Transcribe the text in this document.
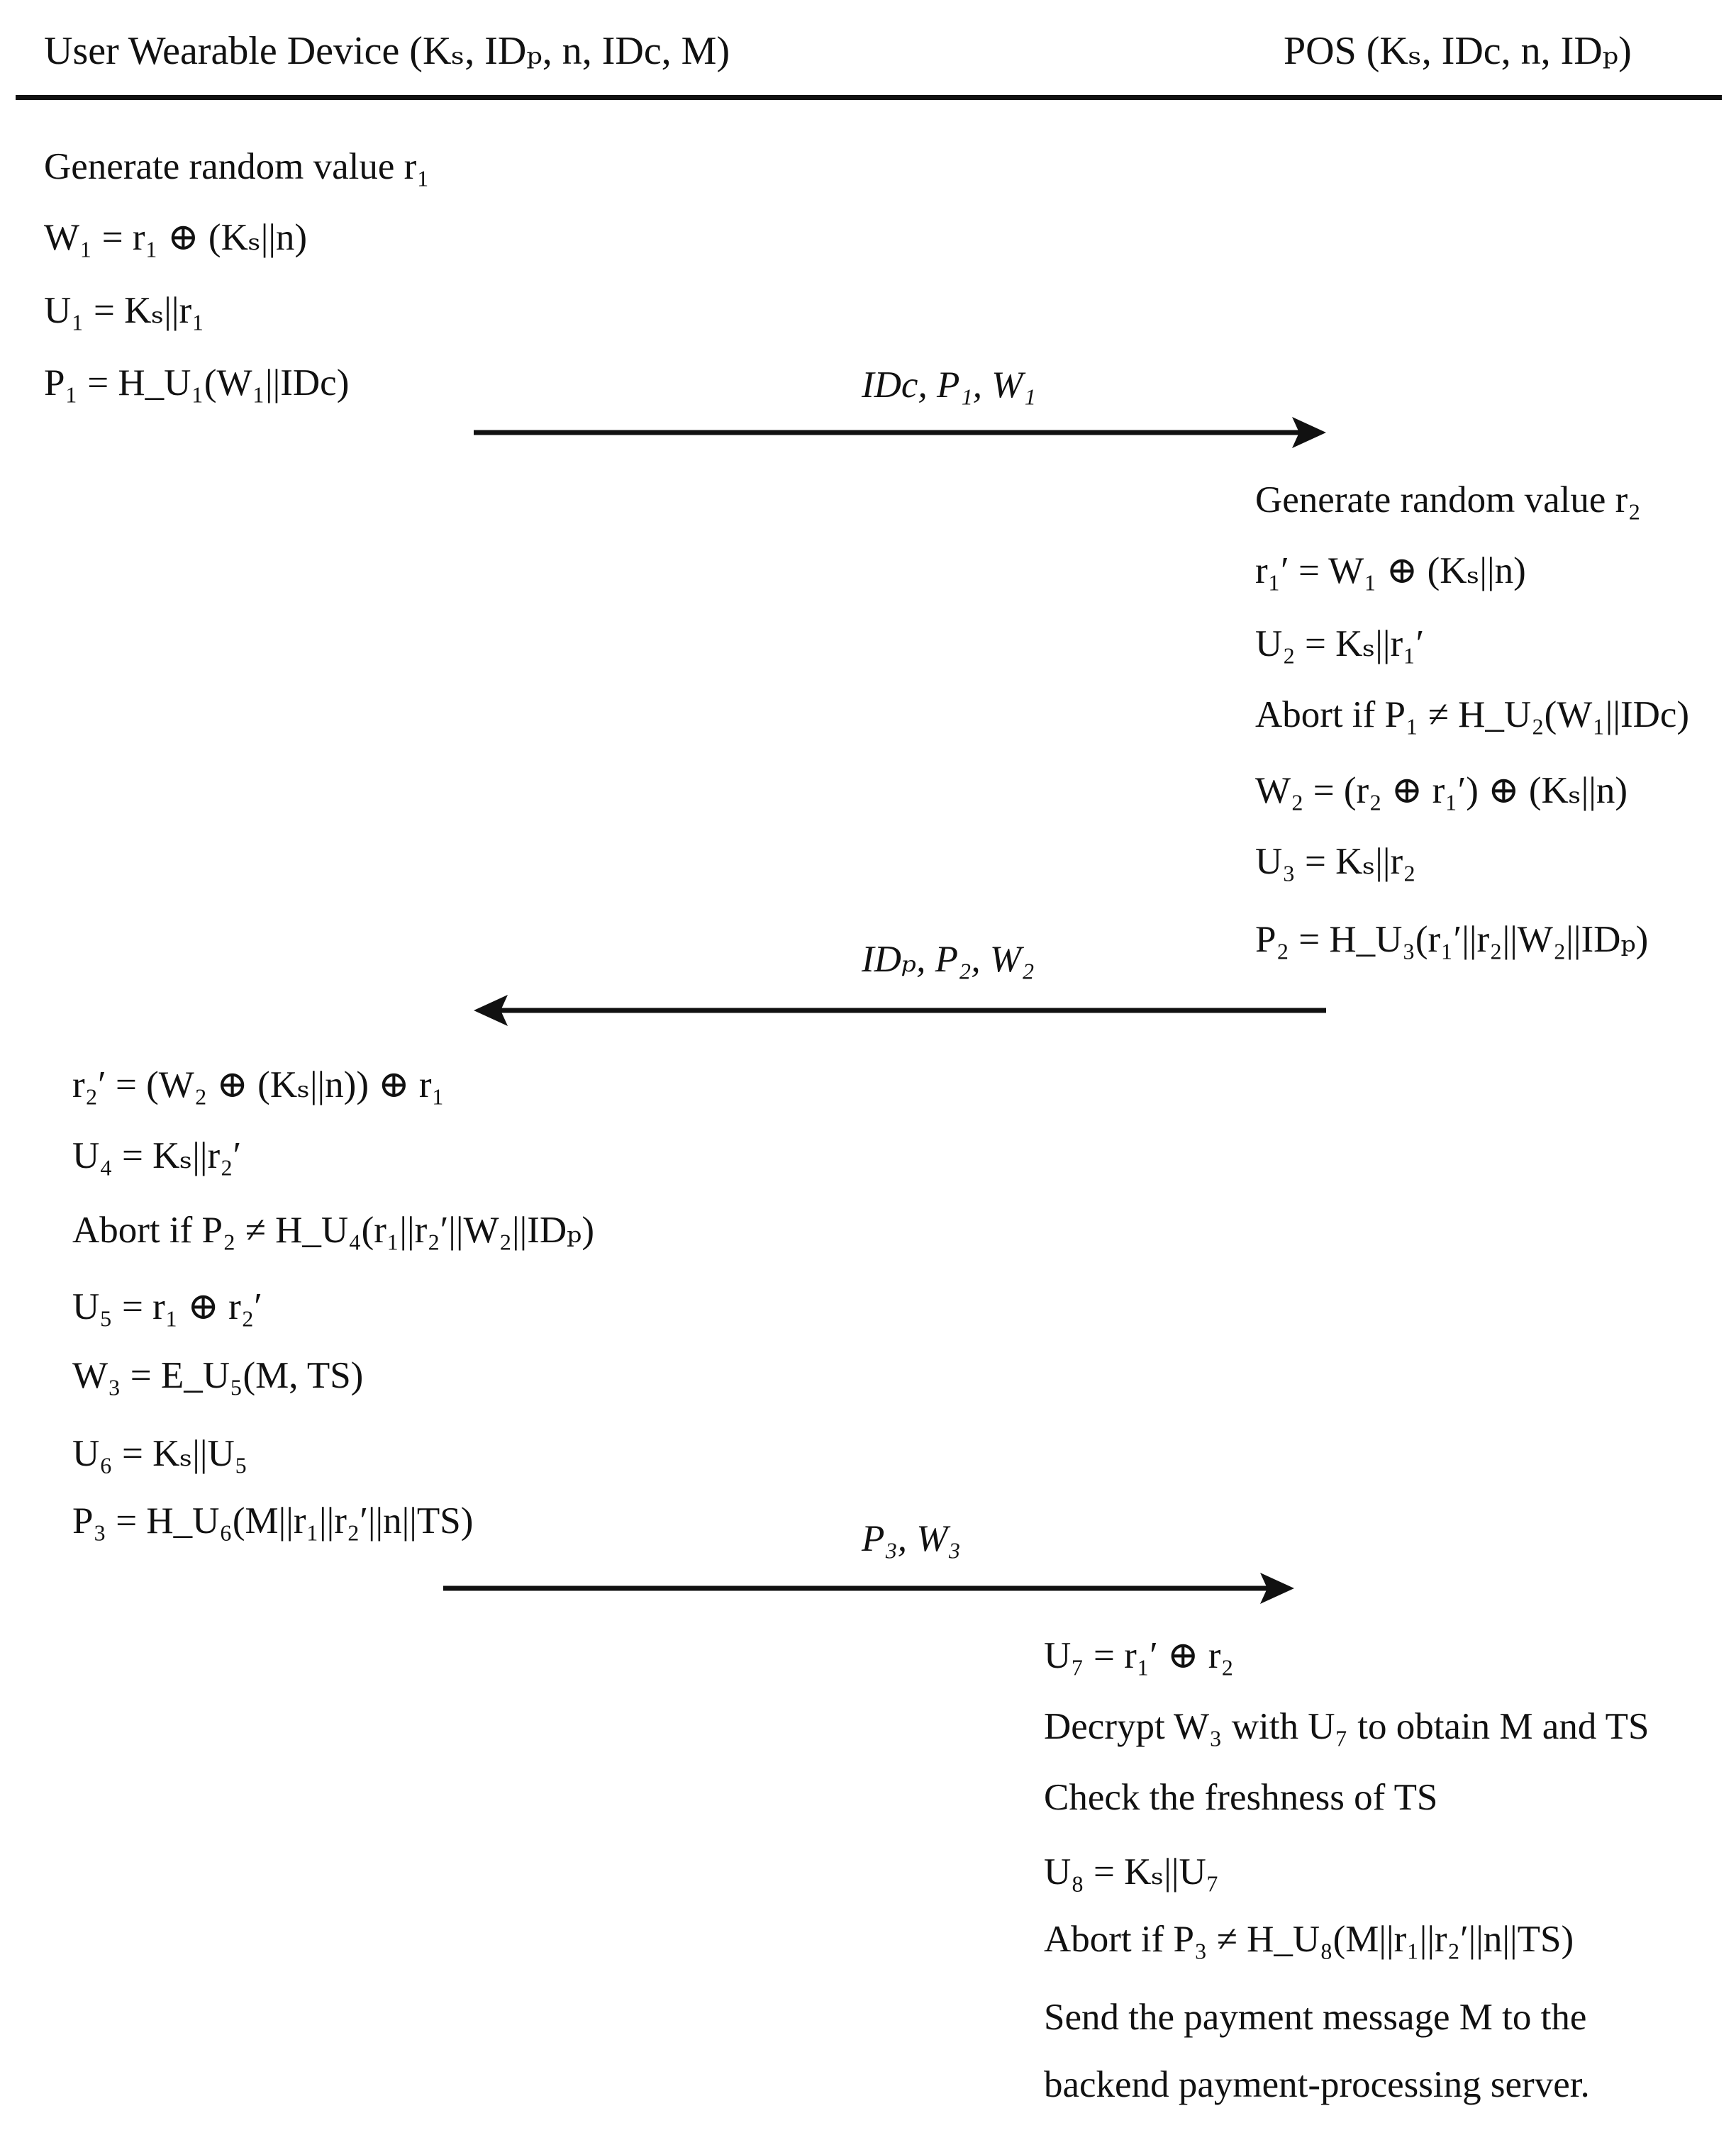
User Wearable Device (Kₛ, IDₚ, n, IDc, M)	POS (Kₛ, IDc, n, IDₚ)
Generate random value r₁
W₁ = r₁ ⊕ (Kₛ||n)
U₁ = Kₛ||r₁
P₁ = H_U₁(W₁||IDc)	IDc, P₁, W₁
Generate random value r₂
r₁′ = W₁ ⊕ (Kₛ||n)
U₂ = Kₛ||r₁′
Abort if P₁ ≠ H_U₂(W₁||IDc)
W₂ = (r₂ ⊕ r₁′) ⊕ (Kₛ||n)
U₃ = Kₛ||r₂
P₂ = H_U₃(r₁′||r₂||W₂||IDₚ)
IDₚ, P₂, W₂
r₂′ = (W₂ ⊕ (Kₛ||n)) ⊕ r₁
U₄ = Kₛ||r₂′
Abort if P₂ ≠ H_U₄(r₁||r₂′||W₂||IDₚ)
U₅ = r₁ ⊕ r₂′
W₃ = E_U₅(M, TS)
U₆ = Kₛ||U₅
P₃ = H_U₆(M||r₁||r₂′||n||TS)	P₃, W₃
U₇ = r₁′ ⊕ r₂
Decrypt W₃ with U₇ to obtain M and TS
Check the freshness of TS
U₈ = Kₛ||U₇
Abort if P₃ ≠ H_U₈(M||r₁||r₂′||n||TS)
Send the payment message M to the
backend payment-processing server.
